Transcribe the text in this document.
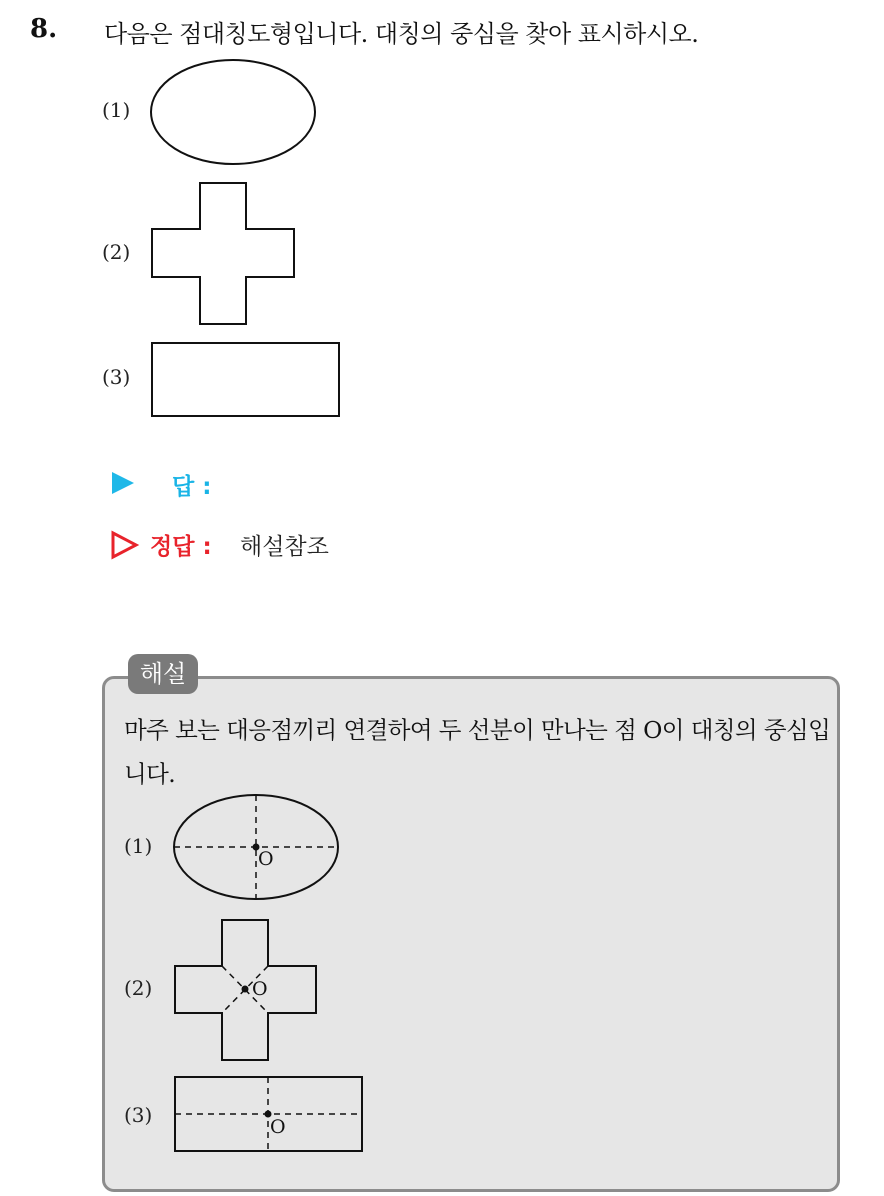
8. 다음은 점대칭도형입니다. 대칭의 중심을 찾아 표시하시오.
(1)
(2)
(3)
답 :
정답 : 해설참조
해설
마주 보는 대응점끼리 연결하여 두 선분이 만나는 점 O이 대칭의 중심입니다.
(1)
(2)
(3)
O
O
O
